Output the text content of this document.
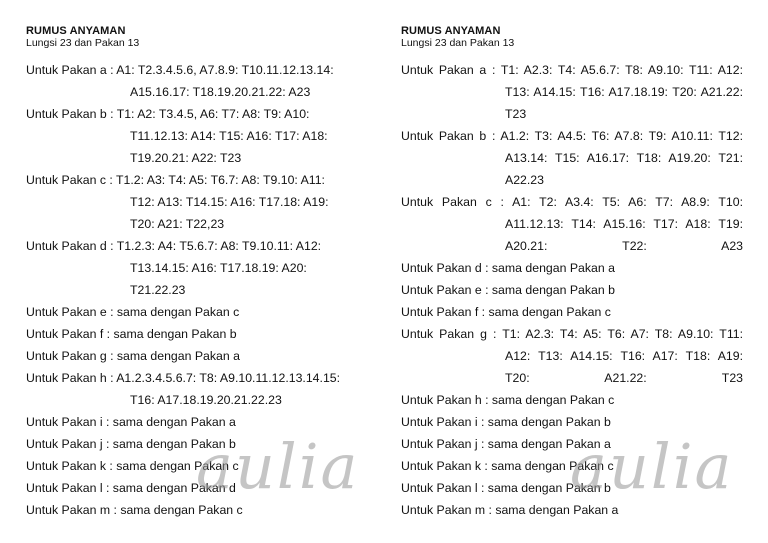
RUMUS ANYAMAN
Lungsi 23 dan Pakan 13
Untuk Pakan a : A1: T2.3.4.5.6, A7.8.9: T10.11.12.13.14:
A15.16.17: T18.19.20.21.22: A23
Untuk Pakan b : T1: A2: T3.4.5, A6: T7: A8: T9: A10:
T11.12.13: A14: T15: A16: T17: A18:
T19.20.21: A22: T23
Untuk Pakan c : T1.2: A3: T4: A5: T6.7: A8: T9.10: A11:
T12: A13: T14.15: A16: T17.18: A19:
T20: A21: T22,23
Untuk Pakan d : T1.2.3: A4: T5.6.7: A8: T9.10.11: A12:
T13.14.15: A16: T17.18.19: A20:
T21.22.23
Untuk Pakan e : sama dengan Pakan c
Untuk Pakan f : sama dengan Pakan b
Untuk Pakan g : sama dengan Pakan a
Untuk Pakan h : A1.2.3.4.5.6.7: T8: A9.10.11.12.13.14.15:
T16: A17.18.19.20.21.22.23
Untuk Pakan i : sama dengan Pakan a
Untuk Pakan j : sama dengan Pakan b
Untuk Pakan k : sama dengan Pakan c
Untuk Pakan l : sama dengan Pakan d
Untuk Pakan m : sama dengan Pakan c
RUMUS ANYAMAN
Lungsi 23 dan Pakan 13
Untuk Pakan a : T1: A2.3: T4: A5.6.7: T8: A9.10: T11: A12:
T13: A14.15: T16: A17.18.19: T20: A21.22:
T23
Untuk Pakan b : A1.2: T3: A4.5: T6: A7.8: T9: A10.11: T12:
A13.14: T15: A16.17: T18: A19.20: T21:
A22.23
Untuk Pakan c : A1: T2: A3.4: T5: A6: T7: A8.9: T10:
A11.12.13: T14: A15.16: T17: A18: T19:
A20.21: T22: A23
Untuk Pakan d : sama dengan Pakan a
Untuk Pakan e : sama dengan Pakan b
Untuk Pakan f : sama dengan Pakan c
Untuk Pakan g : T1: A2.3: T4: A5: T6: A7: T8: A9.10: T11:
A12: T13: A14.15: T16: A17: T18: A19:
T20: A21.22: T23
Untuk Pakan h : sama dengan Pakan c
Untuk Pakan i : sama dengan Pakan b
Untuk Pakan j : sama dengan Pakan a
Untuk Pakan k : sama dengan Pakan c
Untuk Pakan l : sama dengan Pakan b
Untuk Pakan m : sama dengan Pakan a
aulia	aulia
